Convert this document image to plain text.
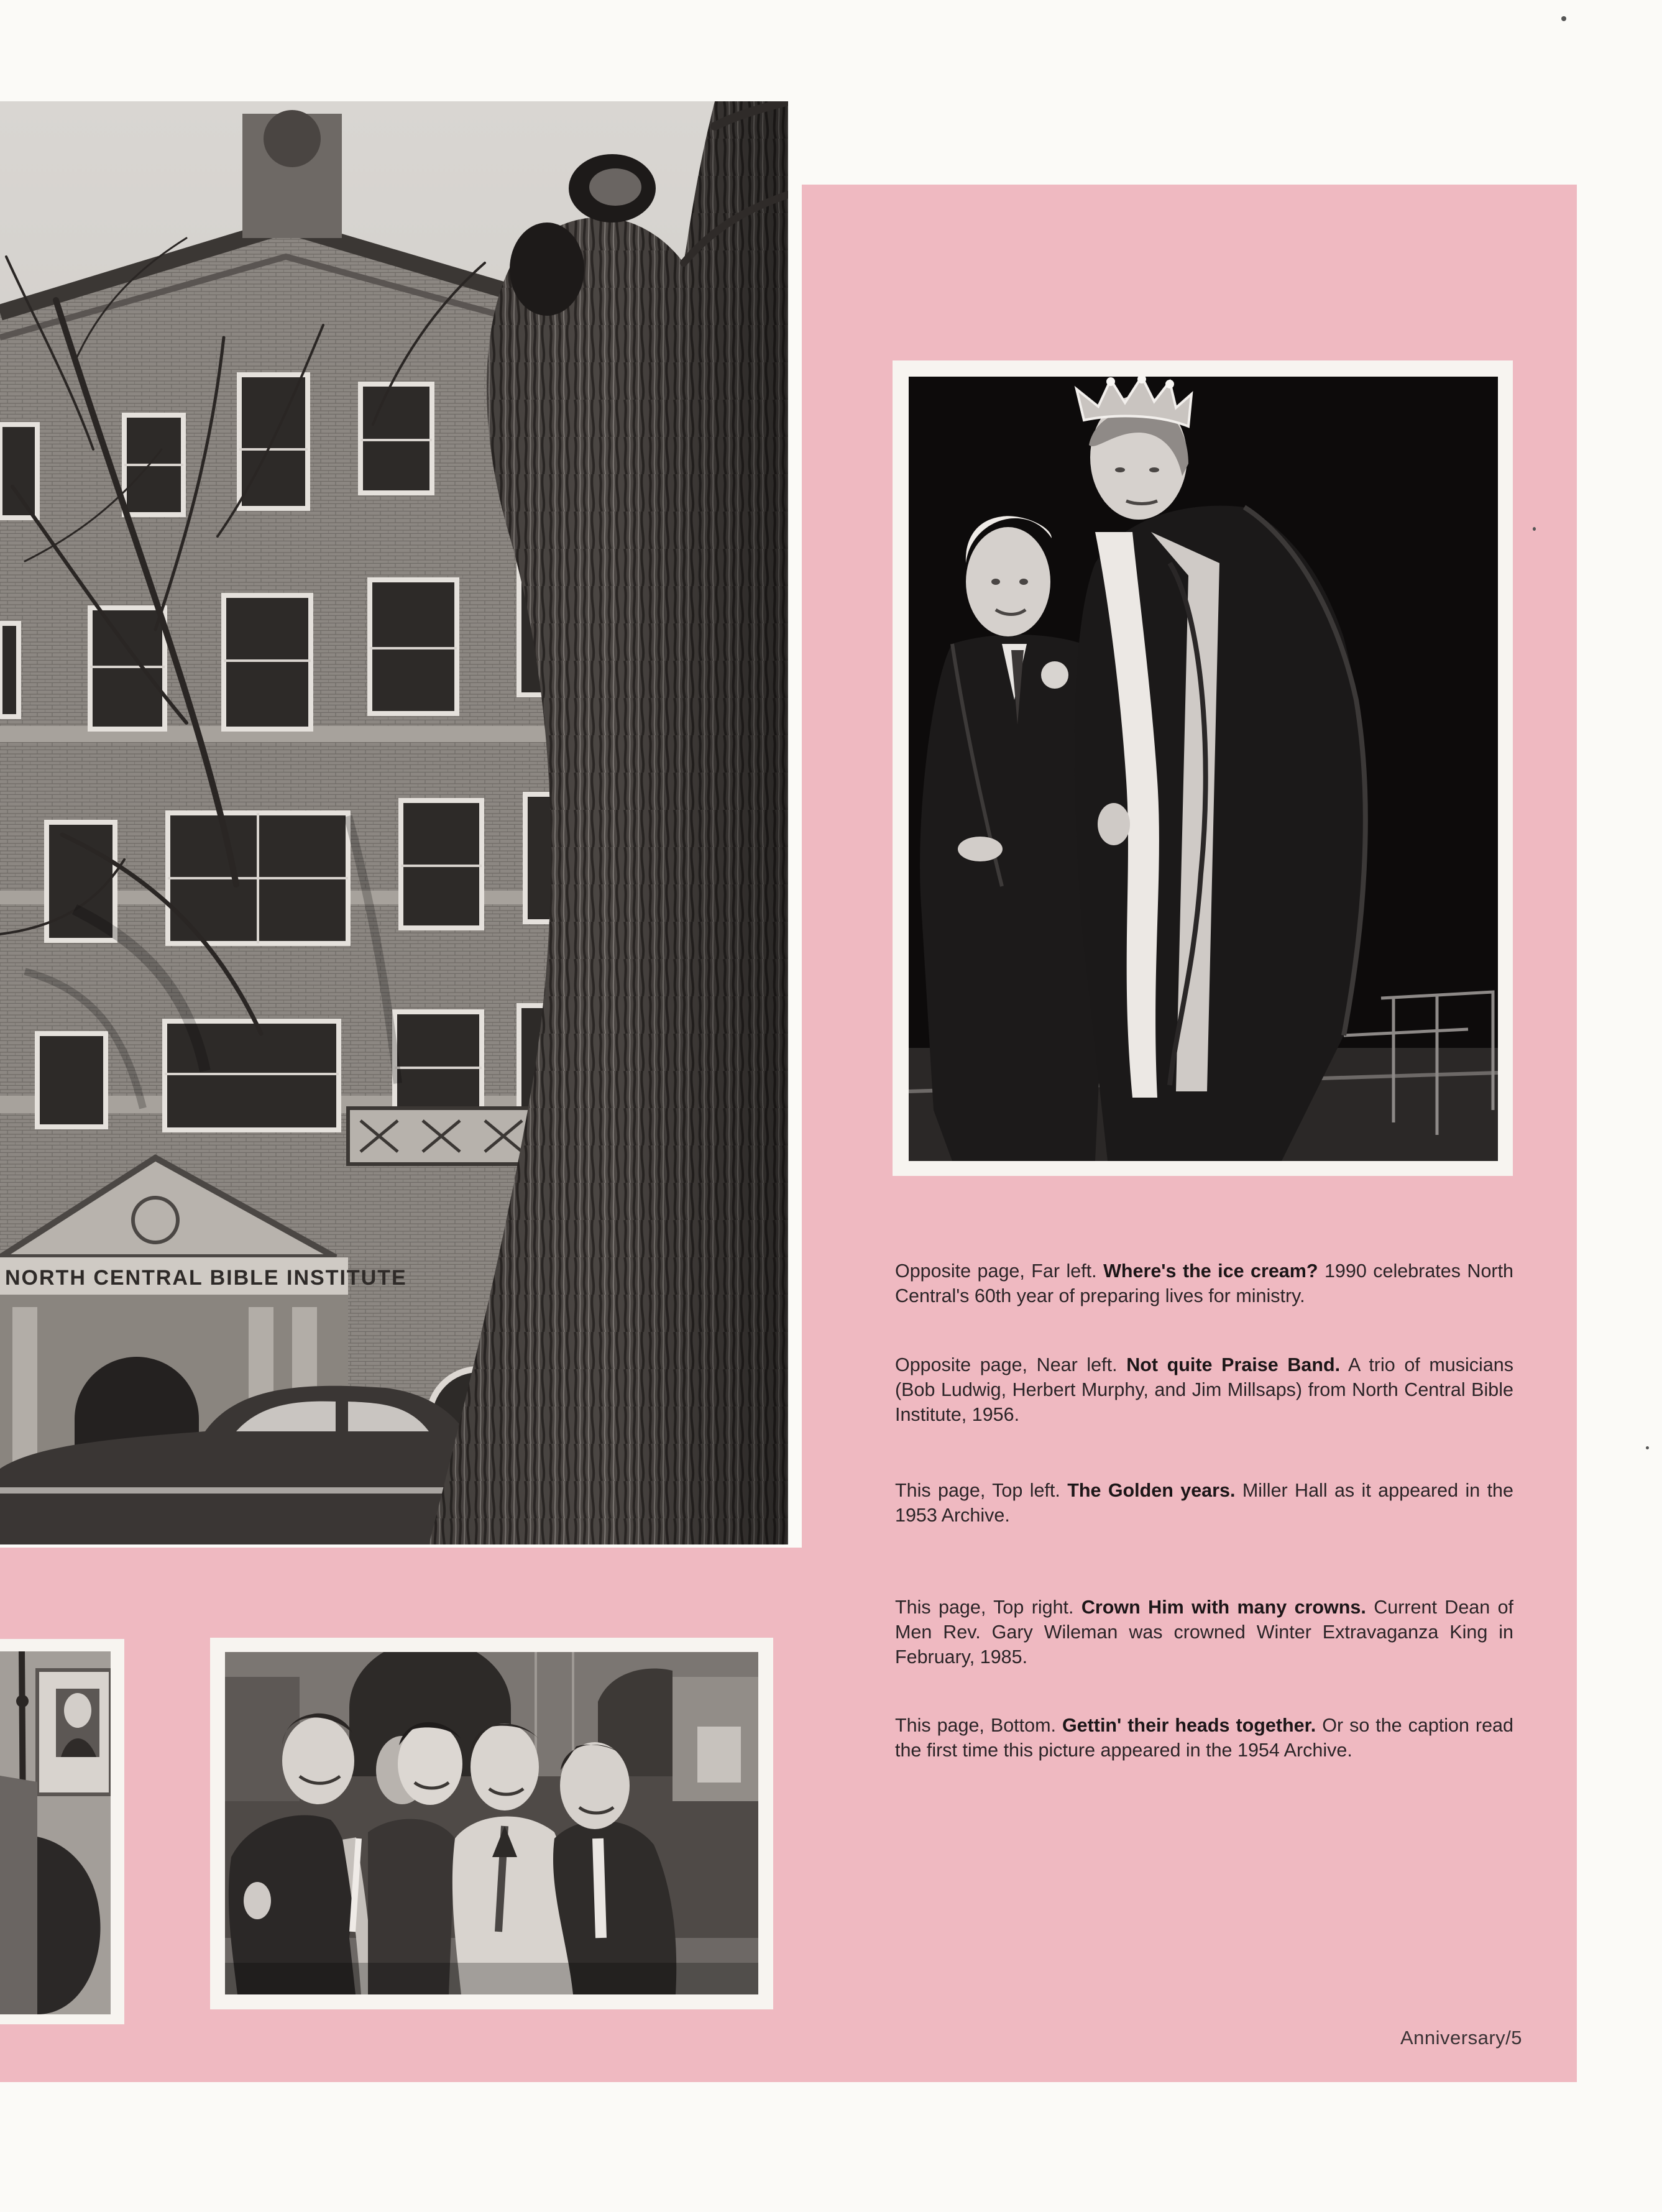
NORTH CENTRAL BIBLE INSTITUTE	Opposite page, Far left. Where's the ice cream? 1990 celebrates North Central's 60th year of preparing lives for ministry.

Opposite page, Near left. Not quite Praise Band. A trio of musicians (Bob Ludwig, Herbert Murphy, and Jim Millsaps) from North Central Bible Institute, 1956.

This page, Top left. The Golden years. Miller Hall as it appeared in the 1953 Archive.

This page, Top right. Crown Him with many crowns. Current Dean of Men Rev. Gary Wileman was crowned Winter Extravaganza King in February, 1985.

This page, Bottom. Gettin' their heads together. Or so the caption read the first time this picture appeared in the 1954 Archive.

Anniversary/5
